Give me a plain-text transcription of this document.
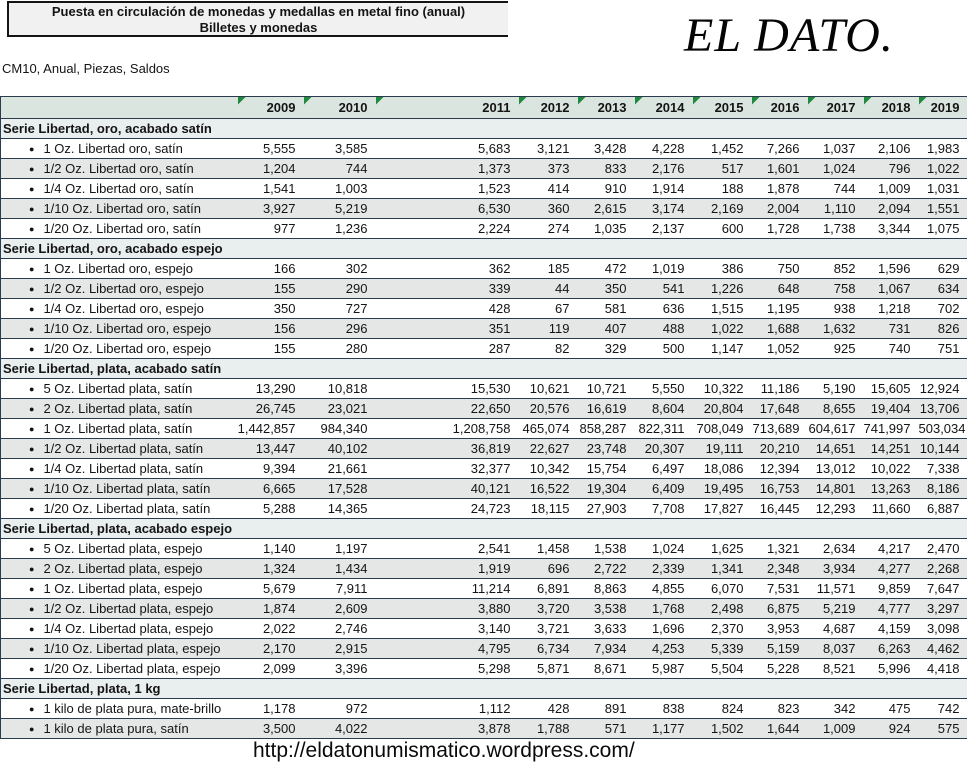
Puesta en circulación de monedas y medallas en metal fino (anual)
Billetes y monedas	EL DATO.
CM10, Anual, Piezas, Saldos

2009	2010	2011	2012	2013	2014	2015	2016	2017	2018	2019
Serie Libertad, oro, acabado satín											
● 1 Oz. Libertad oro, satín	5,555	3,585	5,683	3,121	3,428	4,228	1,452	7,266	1,037	2,106	1,983
● 1/2 Oz. Libertad oro, satín	1,204	744	1,373	373	833	2,176	517	1,601	1,024	796	1,022
● 1/4 Oz. Libertad oro, satín	1,541	1,003	1,523	414	910	1,914	188	1,878	744	1,009	1,031
● 1/10 Oz. Libertad oro, satín	3,927	5,219	6,530	360	2,615	3,174	2,169	2,004	1,110	2,094	1,551
● 1/20 Oz. Libertad oro, satín	977	1,236	2,224	274	1,035	2,137	600	1,728	1,738	3,344	1,075
Serie Libertad, oro, acabado espejo											
● 1 Oz. Libertad oro, espejo	166	302	362	185	472	1,019	386	750	852	1,596	629
● 1/2 Oz. Libertad oro, espejo	155	290	339	44	350	541	1,226	648	758	1,067	634
● 1/4 Oz. Libertad oro, espejo	350	727	428	67	581	636	1,515	1,195	938	1,218	702
● 1/10 Oz. Libertad oro, espejo	156	296	351	119	407	488	1,022	1,688	1,632	731	826
● 1/20 Oz. Libertad oro, espejo	155	280	287	82	329	500	1,147	1,052	925	740	751
Serie Libertad, plata, acabado satín											
● 5 Oz. Libertad plata, satín	13,290	10,818	15,530	10,621	10,721	5,550	10,322	11,186	5,190	15,605	12,924
● 2 Oz. Libertad plata, satín	26,745	23,021	22,650	20,576	16,619	8,604	20,804	17,648	8,655	19,404	13,706
● 1 Oz. Libertad plata, satín	1,442,857	984,340	1,208,758	465,074	858,287	822,311	708,049	713,689	604,617	741,997	503,034
● 1/2 Oz. Libertad plata, satín	13,447	40,102	36,819	22,627	23,748	20,307	19,111	20,210	14,651	14,251	10,144
● 1/4 Oz. Libertad plata, satín	9,394	21,661	32,377	10,342	15,754	6,497	18,086	12,394	13,012	10,022	7,338
● 1/10 Oz. Libertad plata, satín	6,665	17,528	40,121	16,522	19,304	6,409	19,495	16,753	14,801	13,263	8,186
● 1/20 Oz. Libertad plata, satín	5,288	14,365	24,723	18,115	27,903	7,708	17,827	16,445	12,293	11,660	6,887
Serie Libertad, plata, acabado espejo											
● 5 Oz. Libertad plata, espejo	1,140	1,197	2,541	1,458	1,538	1,024	1,625	1,321	2,634	4,217	2,470
● 2 Oz. Libertad plata, espejo	1,324	1,434	1,919	696	2,722	2,339	1,341	2,348	3,934	4,277	2,268
● 1 Oz. Libertad plata, espejo	5,679	7,911	11,214	6,891	8,863	4,855	6,070	7,531	11,571	9,859	7,647
● 1/2 Oz. Libertad plata, espejo	1,874	2,609	3,880	3,720	3,538	1,768	2,498	6,875	5,219	4,777	3,297
● 1/4 Oz. Libertad plata, espejo	2,022	2,746	3,140	3,721	3,633	1,696	2,370	3,953	4,687	4,159	3,098
● 1/10 Oz. Libertad plata, espejo	2,170	2,915	4,795	6,734	7,934	4,253	5,339	5,159	8,037	6,263	4,462
● 1/20 Oz. Libertad plata, espejo	2,099	3,396	5,298	5,871	8,671	5,987	5,504	5,228	8,521	5,996	4,418
Serie Libertad, plata, 1 kg											
● 1 kilo de plata pura, mate-brillo	1,178	972	1,112	428	891	838	824	823	342	475	742
● 1 kilo de plata pura, satín	3,500	4,022	3,878	1,788	571	1,177	1,502	1,644	1,009	924	575
http://eldatonumismatico.wordpress.com/
